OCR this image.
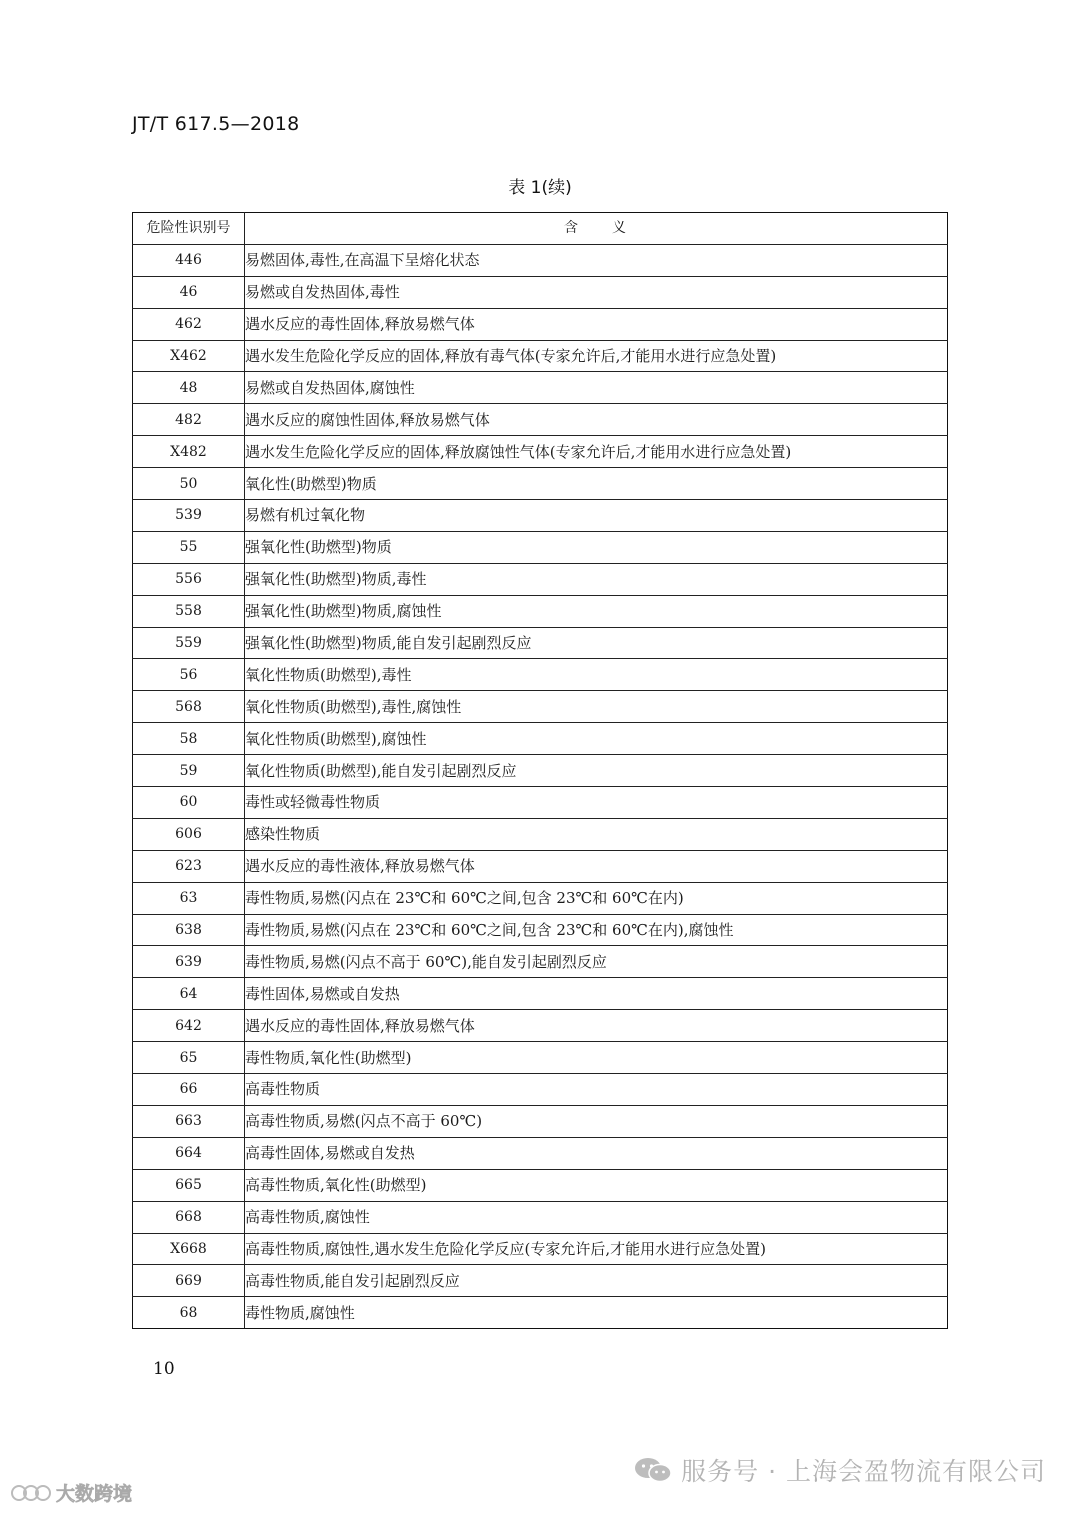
JT/T 617.5—2018
表 1(续)
危险性识别号	含　　义
446	易燃固体,毒性,在高温下呈熔化状态
46	易燃或自发热固体,毒性
462	遇水反应的毒性固体,释放易燃气体
X462	遇水发生危险化学反应的固体,释放有毒气体(专家允许后,才能用水进行应急处置)
48	易燃或自发热固体,腐蚀性
482	遇水反应的腐蚀性固体,释放易燃气体
X482	遇水发生危险化学反应的固体,释放腐蚀性气体(专家允许后,才能用水进行应急处置)
50	氧化性(助燃型)物质
539	易燃有机过氧化物
55	强氧化性(助燃型)物质
556	强氧化性(助燃型)物质,毒性
558	强氧化性(助燃型)物质,腐蚀性
559	强氧化性(助燃型)物质,能自发引起剧烈反应
56	氧化性物质(助燃型),毒性
568	氧化性物质(助燃型),毒性,腐蚀性
58	氧化性物质(助燃型),腐蚀性
59	氧化性物质(助燃型),能自发引起剧烈反应
60	毒性或轻微毒性物质
606	感染性物质
623	遇水反应的毒性液体,释放易燃气体
63	毒性物质,易燃(闪点在 23℃和 60℃之间,包含 23℃和 60℃在内)
638	毒性物质,易燃(闪点在 23℃和 60℃之间,包含 23℃和 60℃在内),腐蚀性
639	毒性物质,易燃(闪点不高于 60℃),能自发引起剧烈反应
64	毒性固体,易燃或自发热
642	遇水反应的毒性固体,释放易燃气体
65	毒性物质,氧化性(助燃型)
66	高毒性物质
663	高毒性物质,易燃(闪点不高于 60℃)
664	高毒性固体,易燃或自发热
665	高毒性物质,氧化性(助燃型)
668	高毒性物质,腐蚀性
X668	高毒性物质,腐蚀性,遇水发生危险化学反应(专家允许后,才能用水进行应急处置)
669	高毒性物质,能自发引起剧烈反应
68	毒性物质,腐蚀性
10
大数跨境
服务号 · 上海会盈物流有限公司
